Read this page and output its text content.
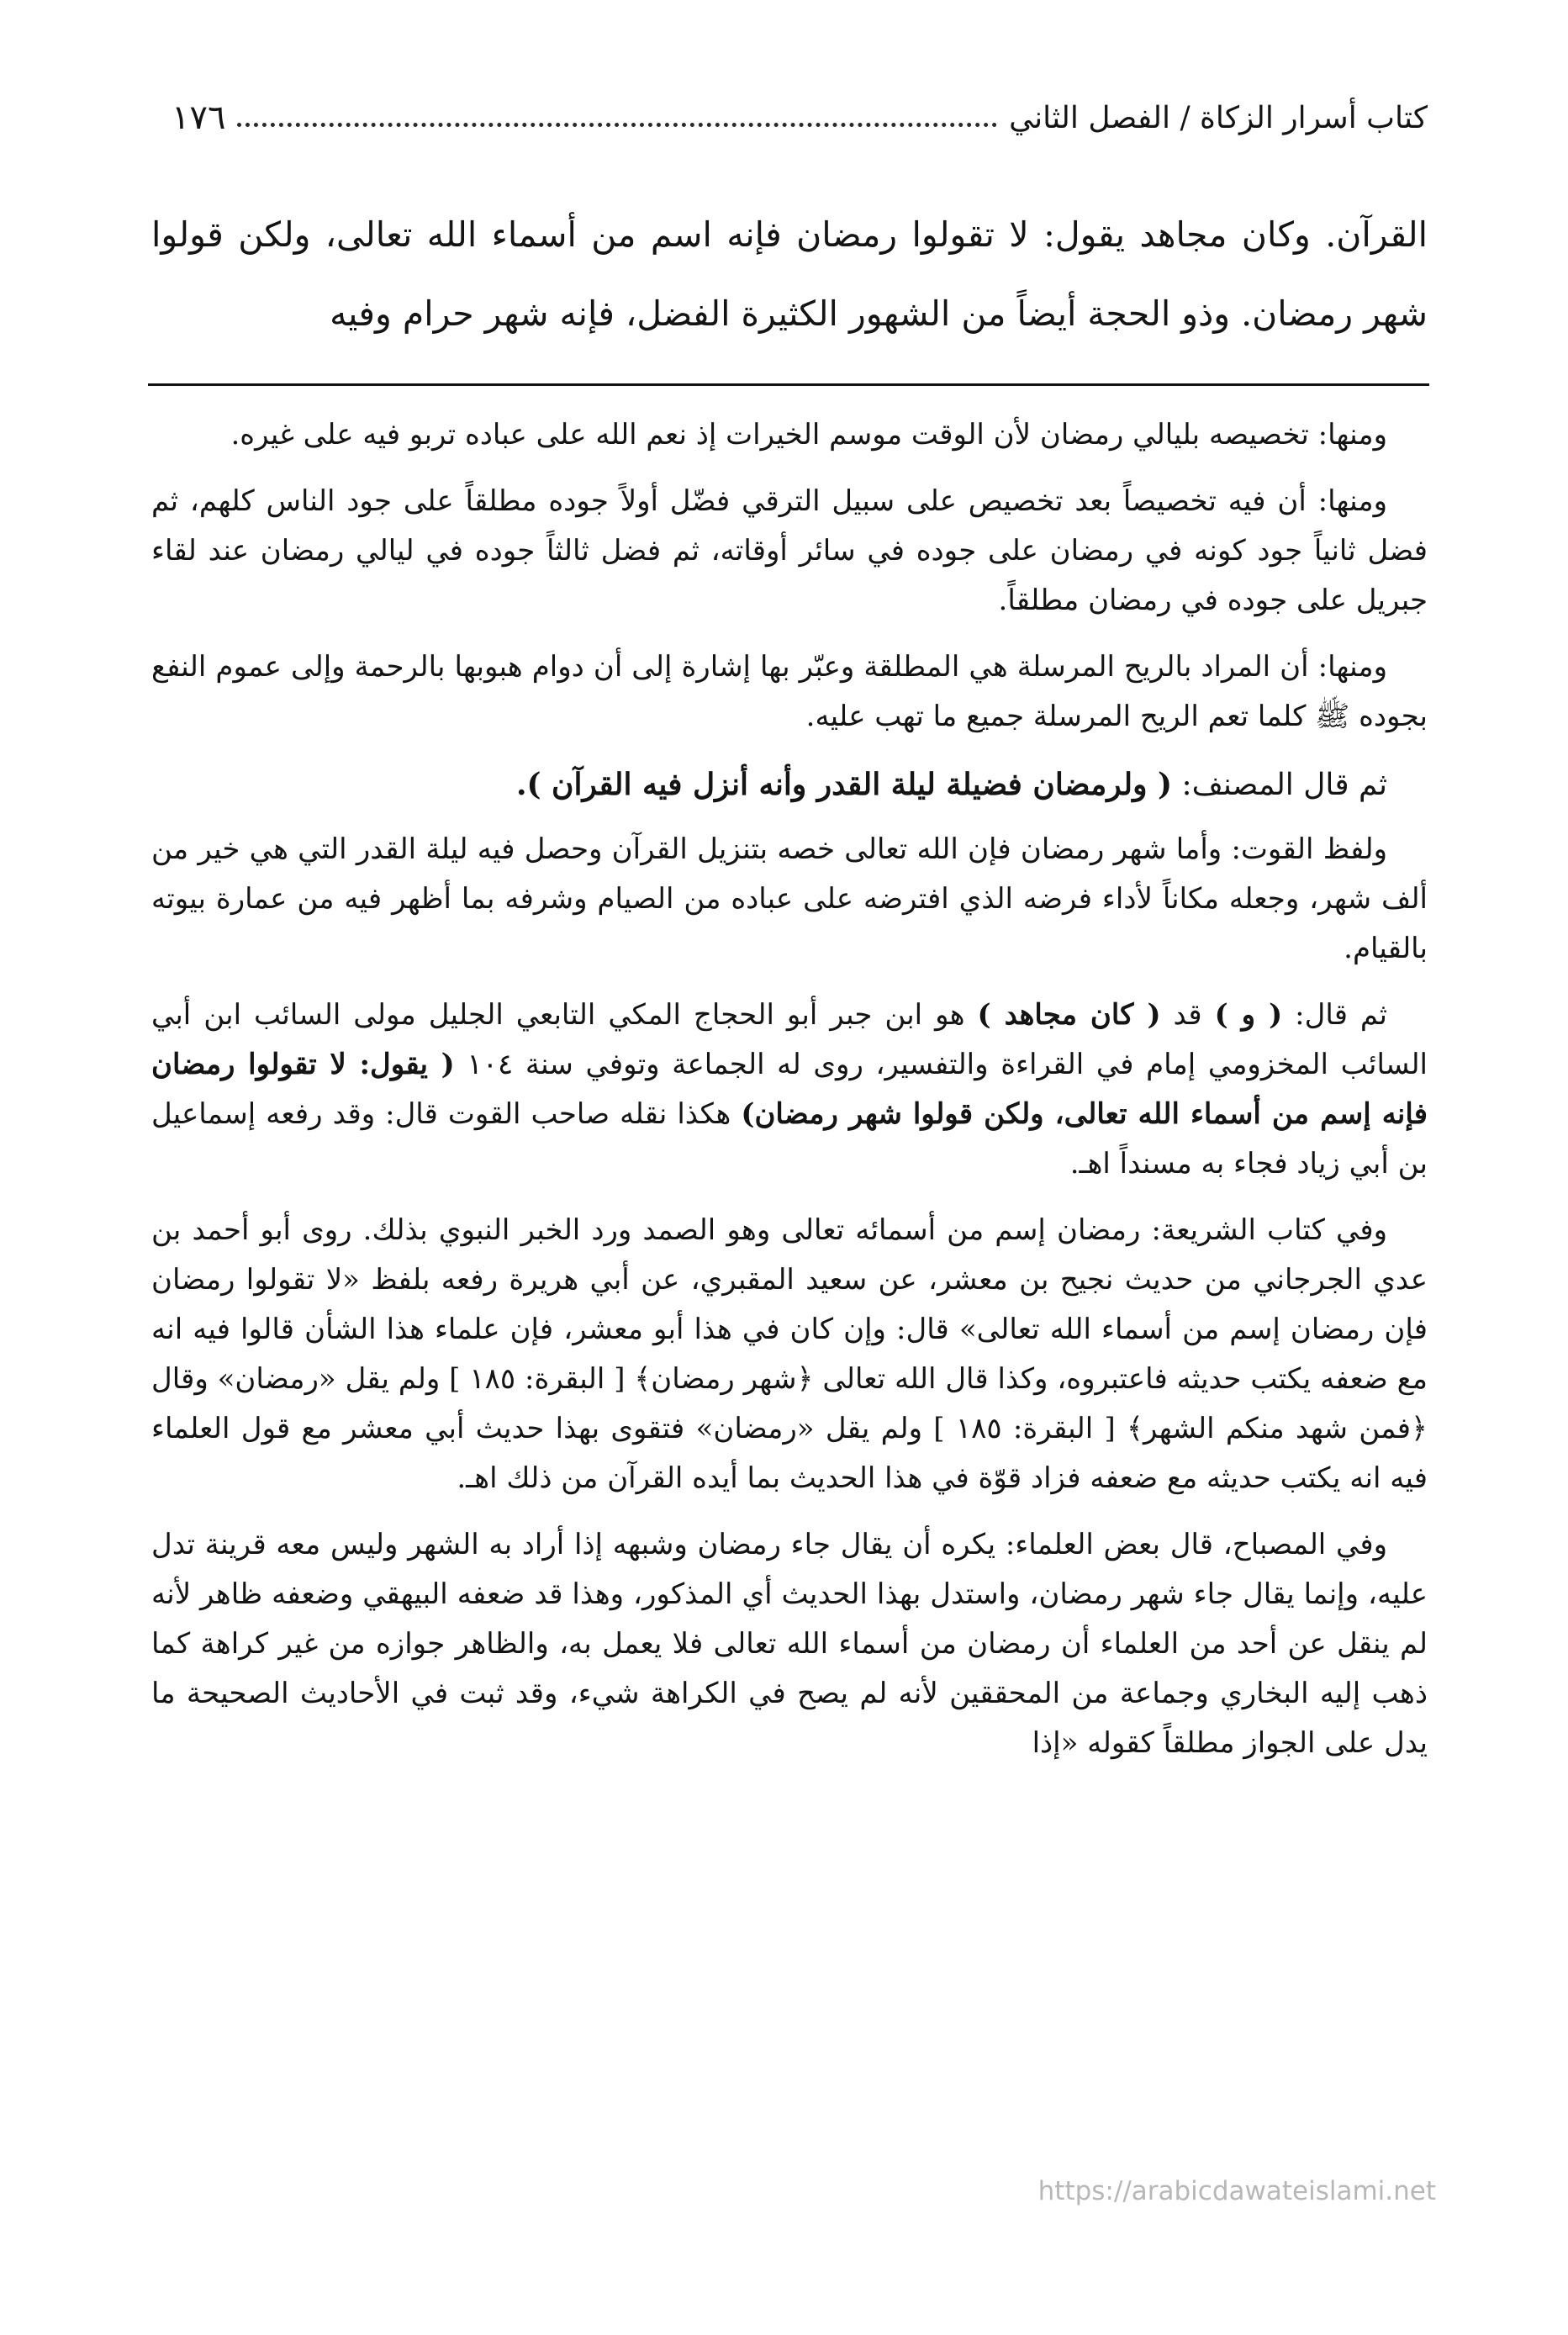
١٧٦	كتاب أسرار الزكاة / الفصل الثاني

القرآن. وكان مجاهد يقول: لا تقولوا رمضان فإنه اسم من أسماء الله تعالى، ولكن قولوا شهر رمضان. وذو الحجة أيضاً من الشهور الكثيرة الفضل، فإنه شهر حرام وفيه

ومنها: تخصيصه بليالي رمضان لأن الوقت موسم الخيرات إذ نعم الله على عباده تربو فيه على غيره.

ومنها: أن فيه تخصيصاً بعد تخصيص على سبيل الترقي فضّل أولاً جوده مطلقاً على جود الناس كلهم، ثم فضل ثانياً جود كونه في رمضان على جوده في سائر أوقاته، ثم فضل ثالثاً جوده في ليالي رمضان عند لقاء جبريل على جوده في رمضان مطلقاً.

ومنها: أن المراد بالريح المرسلة هي المطلقة وعبّر بها إشارة إلى أن دوام هبوبها بالرحمة وإلى عموم النفع بجوده ﷺ كلما تعم الريح المرسلة جميع ما تهب عليه.

ثم قال المصنف: ( ولرمضان فضيلة ليلة القدر وأنه أنزل فيه القرآن ).

ولفظ القوت: وأما شهر رمضان فإن الله تعالى خصه بتنزيل القرآن وحصل فيه ليلة القدر التي هي خير من ألف شهر، وجعله مكاناً لأداء فرضه الذي افترضه على عباده من الصيام وشرفه بما أظهر فيه من عمارة بيوته بالقيام.

ثم قال: ( و ) قد ( كان مجاهد ) هو ابن جبر أبو الحجاج المكي التابعي الجليل مولى السائب ابن أبي السائب المخزومي إمام في القراءة والتفسير، روى له الجماعة وتوفي سنة ١٠٤ ( يقول: لا تقولوا رمضان فإنه إسم من أسماء الله تعالى، ولكن قولوا شهر رمضان) هكذا نقله صاحب القوت قال: وقد رفعه إسماعيل بن أبي زياد فجاء به مسنداً اهـ.

وفي كتاب الشريعة: رمضان إسم من أسمائه تعالى وهو الصمد ورد الخبر النبوي بذلك. روى أبو أحمد بن عدي الجرجاني من حديث نجيح بن معشر، عن سعيد المقبري، عن أبي هريرة رفعه بلفظ «لا تقولوا رمضان فإن رمضان إسم من أسماء الله تعالى» قال: وإن كان في هذا أبو معشر، فإن علماء هذا الشأن قالوا فيه انه مع ضعفه يكتب حديثه فاعتبروه، وكذا قال الله تعالى ﴿شهر رمضان﴾ [ البقرة: ١٨٥ ] ولم يقل «رمضان» وقال ﴿فمن شهد منكم الشهر﴾ [ البقرة: ١٨٥ ] ولم يقل «رمضان» فتقوى بهذا حديث أبي معشر مع قول العلماء فيه انه يكتب حديثه مع ضعفه فزاد قوّة في هذا الحديث بما أيده القرآن من ذلك اهـ.

وفي المصباح، قال بعض العلماء: يكره أن يقال جاء رمضان وشبهه إذا أراد به الشهر وليس معه قرينة تدل عليه، وإنما يقال جاء شهر رمضان، واستدل بهذا الحديث أي المذكور، وهذا قد ضعفه البيهقي وضعفه ظاهر لأنه لم ينقل عن أحد من العلماء أن رمضان من أسماء الله تعالى فلا يعمل به، والظاهر جوازه من غير كراهة كما ذهب إليه البخاري وجماعة من المحققين لأنه لم يصح في الكراهة شيء، وقد ثبت في الأحاديث الصحيحة ما يدل على الجواز مطلقاً كقوله «إذا

https://arabicdawateislami.net
